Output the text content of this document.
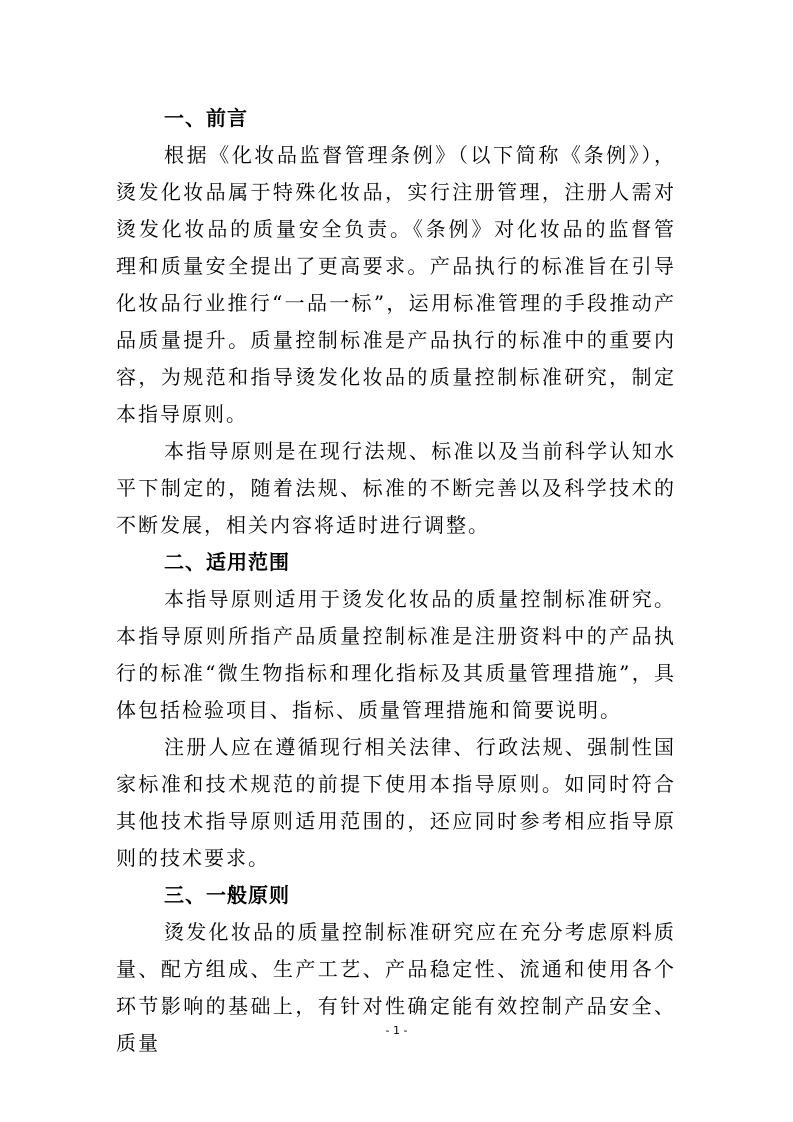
一、前言

根据《化妆品监督管理条例》（以下简称《条例》），烫发化妆品属于特殊化妆品，实行注册管理，注册人需对烫发化妆品的质量安全负责。《条例》对化妆品的监督管理和质量安全提出了更高要求。产品执行的标准旨在引导化妆品行业推行“一品一标”，运用标准管理的手段推动产品质量提升。质量控制标准是产品执行的标准中的重要内容，为规范和指导烫发化妆品的质量控制标准研究，制定本指导原则。

本指导原则是在现行法规、标准以及当前科学认知水平下制定的，随着法规、标准的不断完善以及科学技术的不断发展，相关内容将适时进行调整。

二、适用范围

本指导原则适用于烫发化妆品的质量控制标准研究。本指导原则所指产品质量控制标准是注册资料中的产品执行的标准“微生物指标和理化指标及其质量管理措施”，具体包括检验项目、指标、质量管理措施和简要说明。

注册人应在遵循现行相关法律、行政法规、强制性国家标准和技术规范的前提下使用本指导原则。如同时符合其他技术指导原则适用范围的，还应同时参考相应指导原则的技术要求。

三、一般原则

烫发化妆品的质量控制标准研究应在充分考虑原料质量、配方组成、生产工艺、产品稳定性、流通和使用各个环节影响的基础上，有针对性确定能有效控制产品安全、质量

- 1 -
